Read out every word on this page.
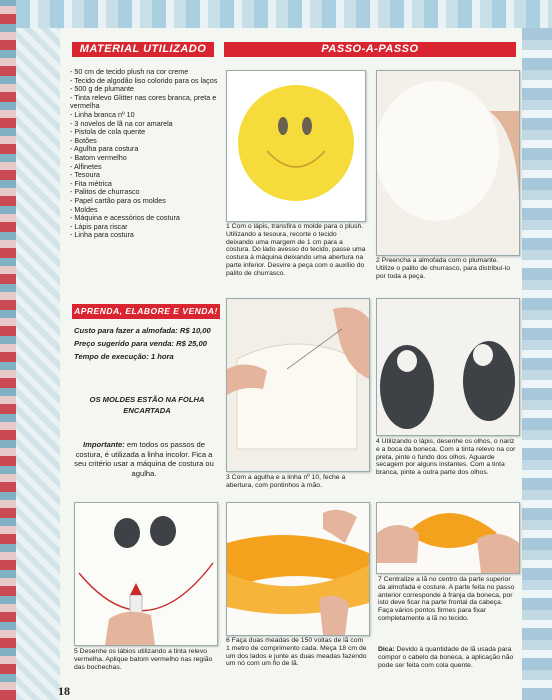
MATERIAL UTILIZADO
- 50 cm de tecido plush na cor creme
- Tecido de algodão liso colorido para os laços
- 500 g de plumante
- Tinta relevo Glitter nas cores branca, preta e vermelha
- Linha branca nº 10
- 3 novelos de lã na cor amarela
- Pistola de cola quente
- Botões
- Agulha para costura
- Batom vermelho
- Alfinetes
- Tesoura
- Fita métrica
- Palitos de churrasco
- Papel cartão para os moldes
- Moldes
- Máquina e acessórios de costura
- Lápis para riscar
- Linha para costura
APRENDA, ELABORE E VENDA!
Custo para fazer a almofada: R$ 10,00
Preço sugerido para venda: R$ 25,00
Tempo de execução: 1 hora
OS MOLDES ESTÃO NA FOLHA ENCARTADA
Importante: em todos os passos de costura, é utilizada a linha incolor. Fica a seu critério usar a máquina de costura ou agulha.
PASSO-A-PASSO
1 Com o lápis, transfira o molde para o plush. Utilizando a tesoura, recorte o tecido deixando uma margem de 1 cm para a costura. Do lado avesso do tecido, passe uma costura à máquina deixando uma abertura na parte inferior. Desvire a peça com o auxílio do palito de churrasco.
2 Preencha a almofada com o plumante. Utilize o palito de churrasco, para distribuí-lo por toda a peça.
3 Com a agulha e a linha nº 10, feche a abertura, com pontinhos à mão.
4 Utilizando o lápis, desenhe os olhos, o nariz e a boca da boneca. Com a tinta relevo na cor preta, pinte o fundo dos olhos. Aguarde secagem por alguns instantes. Com a tinta branca, pinte a outra parte dos olhos.
5 Desenhe os lábios utilizando a tinta relevo vermelha. Aplique batom vermelho nas região das bochechas.
6 Faça duas meadas de 150 voltas de lã com 1 metro de comprimento cada. Meça 18 cm de um dos lados e junte as duas meadas fazendo um nó com um fio de lã.
7 Centralize a lã no centro da parte superior da almofada e costure. A parte feita no passo anterior corresponde à franja da boneca, por isto deve ficar na parte frontal da cabeça. Faça vários pontos firmes para fixar completamente a lã no tecido.
Dica: Devido à quantidade de lã usada para compor o cabelo da boneca, a aplicação não pode ser feita com cola quente.
18
